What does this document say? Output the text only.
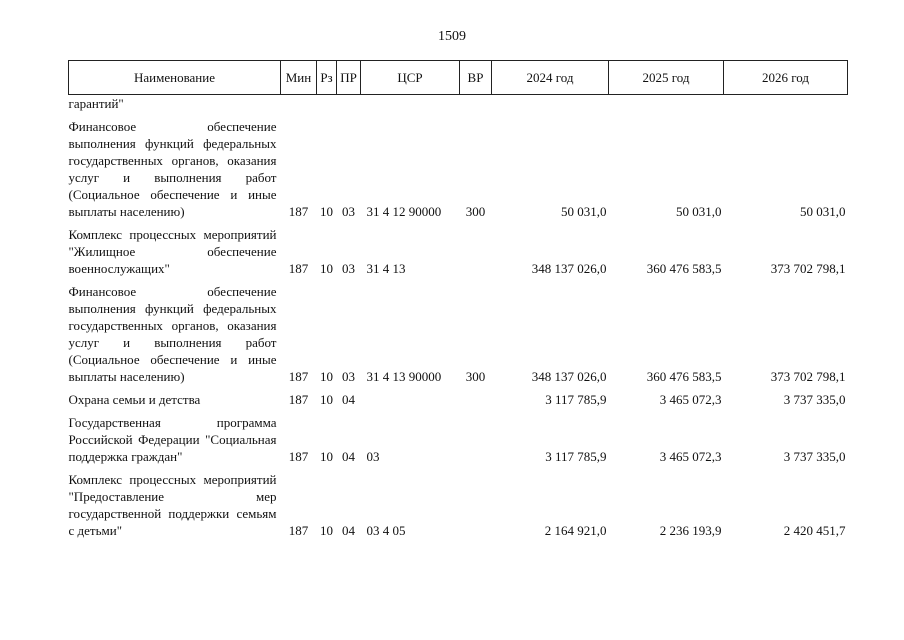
1509
Наименование	Мин	Рз	ПР	ЦСР	ВР	2024 год	2025 год	2026 год
гарантий"								
Финансовое обеспечение выполнения функций федеральных государственных органов, оказания услуг и выполнения работ (Социальное обеспечение и иные выплаты населению)	187	10	03	31 4 12 90000	300	50 031,0	50 031,0	50 031,0
Комплекс процессных мероприятий "Жилищное обеспечение военнослужащих"	187	10	03	31 4 13		348 137 026,0	360 476 583,5	373 702 798,1
Финансовое обеспечение выполнения функций федеральных государственных органов, оказания услуг и выполнения работ (Социальное обеспечение и иные выплаты населению)	187	10	03	31 4 13 90000	300	348 137 026,0	360 476 583,5	373 702 798,1
Охрана семьи и детства	187	10	04			3 117 785,9	3 465 072,3	3 737 335,0
Государственная программа Российской Федерации "Социальная поддержка граждан"	187	10	04	03		3 117 785,9	3 465 072,3	3 737 335,0
Комплекс процессных мероприятий "Предоставление мер государственной поддержки семьям с детьми"	187	10	04	03 4 05		2 164 921,0	2 236 193,9	2 420 451,7
